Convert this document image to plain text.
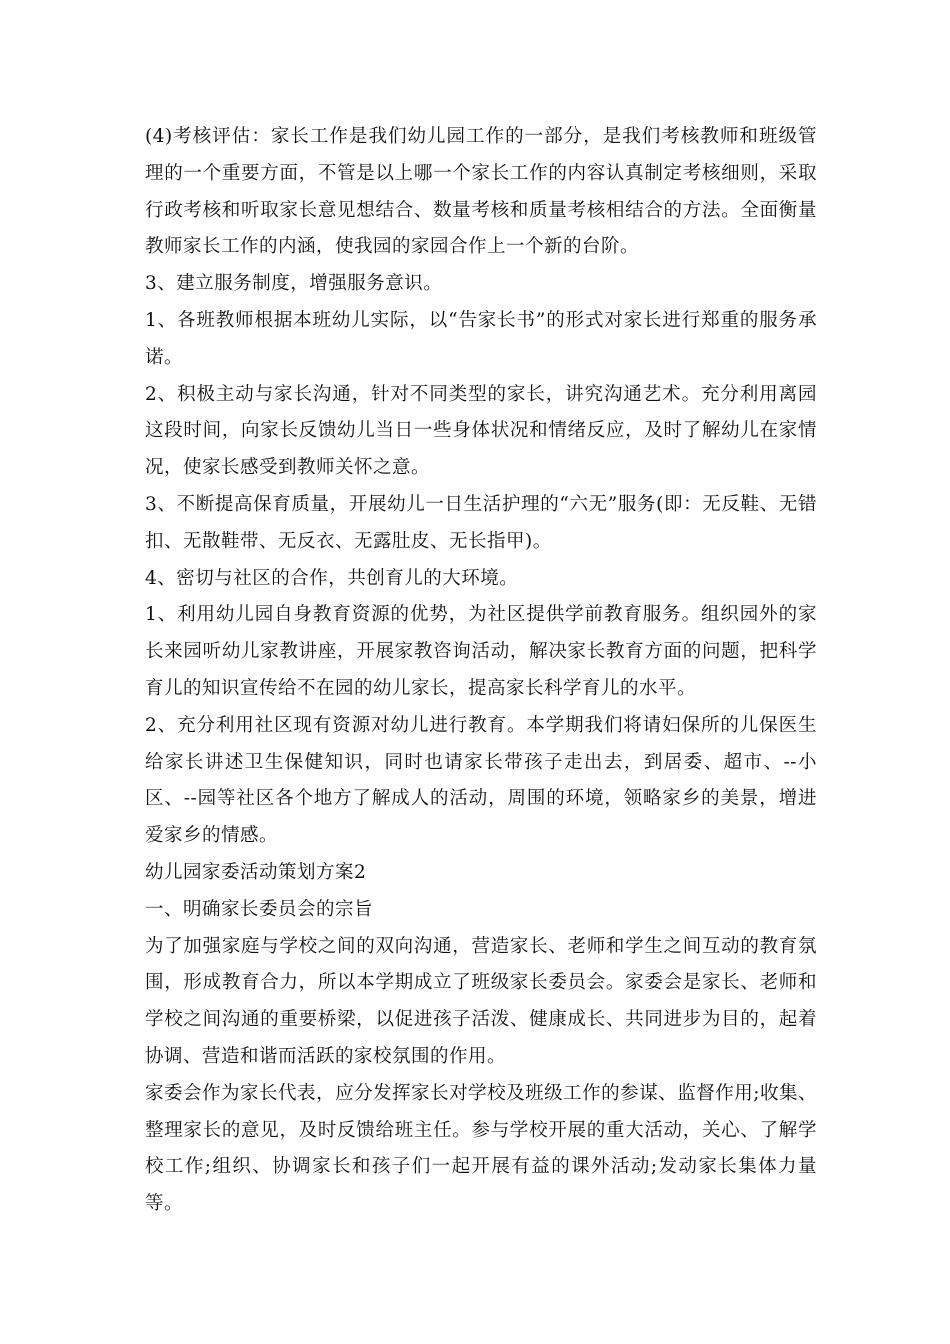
(4)考核评估：家长工作是我们幼儿园工作的一部分，是我们考核教师和班级管理的一个重要方面，不管是以上哪一个家长工作的内容认真制定考核细则，采取行政考核和听取家长意见想结合、数量考核和质量考核相结合的方法。全面衡量教师家长工作的内涵，使我园的家园合作上一个新的台阶。

3、建立服务制度，增强服务意识。

1、各班教师根据本班幼儿实际，以“告家长书”的形式对家长进行郑重的服务承诺。

2、积极主动与家长沟通，针对不同类型的家长，讲究沟通艺术。充分利用离园这段时间，向家长反馈幼儿当日一些身体状况和情绪反应，及时了解幼儿在家情况，使家长感受到教师关怀之意。

3、不断提高保育质量，开展幼儿一日生活护理的“六无”服务(即：无反鞋、无错扣、无散鞋带、无反衣、无露肚皮、无长指甲)。

4、密切与社区的合作，共创育儿的大环境。

1、利用幼儿园自身教育资源的优势，为社区提供学前教育服务。组织园外的家长来园听幼儿家教讲座，开展家教咨询活动，解决家长教育方面的问题，把科学育儿的知识宣传给不在园的幼儿家长，提高家长科学育儿的水平。

2、充分利用社区现有资源对幼儿进行教育。本学期我们将请妇保所的儿保医生给家长讲述卫生保健知识，同时也请家长带孩子走出去，到居委、超市、--小区、--园等社区各个地方了解成人的活动，周围的环境，领略家乡的美景，增进爱家乡的情感。

幼儿园家委活动策划方案2

一、明确家长委员会的宗旨

为了加强家庭与学校之间的双向沟通，营造家长、老师和学生之间互动的教育氛围，形成教育合力，所以本学期成立了班级家长委员会。家委会是家长、老师和学校之间沟通的重要桥梁，以促进孩子活泼、健康成长、共同进步为目的，起着协调、营造和谐而活跃的家校氛围的作用。

家委会作为家长代表，应分发挥家长对学校及班级工作的参谋、监督作用;收集、整理家长的意见，及时反馈给班主任。参与学校开展的重大活动，关心、了解学校工作;组织、协调家长和孩子们一起开展有益的课外活动;发动家长集体力量等。
